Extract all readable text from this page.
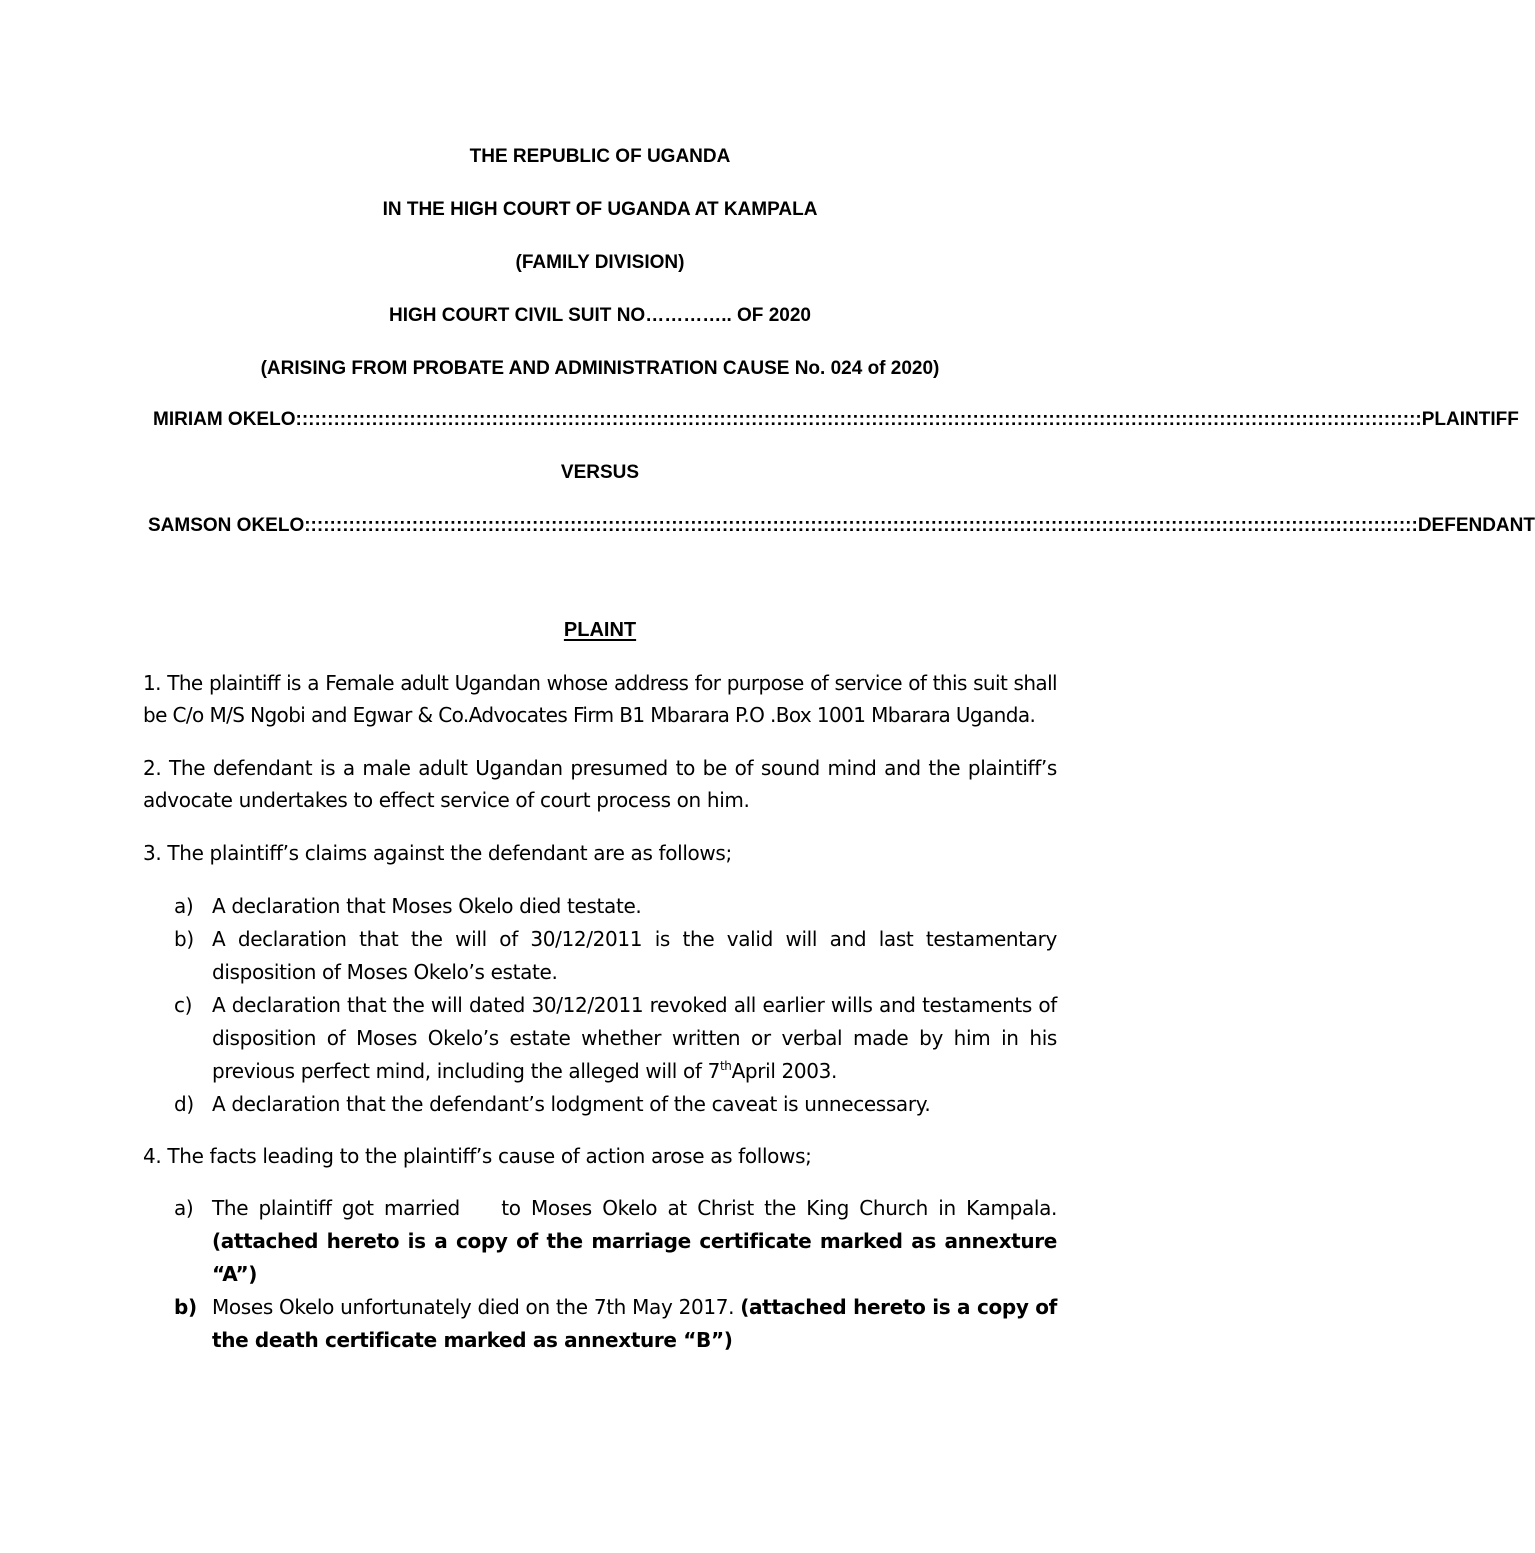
THE REPUBLIC OF UGANDA
IN THE HIGH COURT OF UGANDA AT KAMPALA
(FAMILY DIVISION)
HIGH COURT CIVIL SUIT NO………….. OF 2020
(ARISING FROM PROBATE AND ADMINISTRATION CAUSE No. 024 of 2020)
MIRIAM OKELO :::::::::::::::::::::::::::::::::::::::::::::::::::::::::::::::::::::::::::::::::::::::::::::::::::::::::::::::::::::::::::::::::::::::::::::::::::::::::::::::::::::::::::::::::: PLAINTIFF
VERSUS
SAMSON OKELO :::::::::::::::::::::::::::::::::::::::::::::::::::::::::::::::::::::::::::::::::::::::::::::::::::::::::::::::::::::::::::::::::::::::::::::::::::::::::::::::::::::::::::::::: DEFENDANT
PLAINT
1. The plaintiff is a Female adult Ugandan whose address for purpose of service of this suit shall be C/o M/S Ngobi and Egwar & Co.Advocates Firm B1 Mbarara P.O .Box 1001 Mbarara Uganda.
2. The defendant is a male adult Ugandan presumed to be of sound mind and the plaintiff’s advocate undertakes to effect service of court process on him.
3. The plaintiff’s claims against the defendant are as follows;
a) A declaration that Moses Okelo died testate.
b) A declaration that the will of 30/12/2011 is the valid will and last testamentary disposition of Moses Okelo’s estate.
c) A declaration that the will dated 30/12/2011 revoked all earlier wills and testaments of disposition of Moses Okelo’s estate whether written or verbal made by him in his previous perfect mind, including the alleged will of 7thApril 2003.
d) A declaration that the defendant’s lodgment of the caveat is unnecessary.
4. The facts leading to the plaintiff’s cause of action arose as follows;
a) The plaintiff got married    to Moses Okelo at Christ the King Church in Kampala. (attached hereto is a copy of the marriage certificate marked as annexture “A”)
b) Moses Okelo unfortunately died on the 7th May 2017. (attached hereto is a copy of the death certificate marked as annexture “B”)
